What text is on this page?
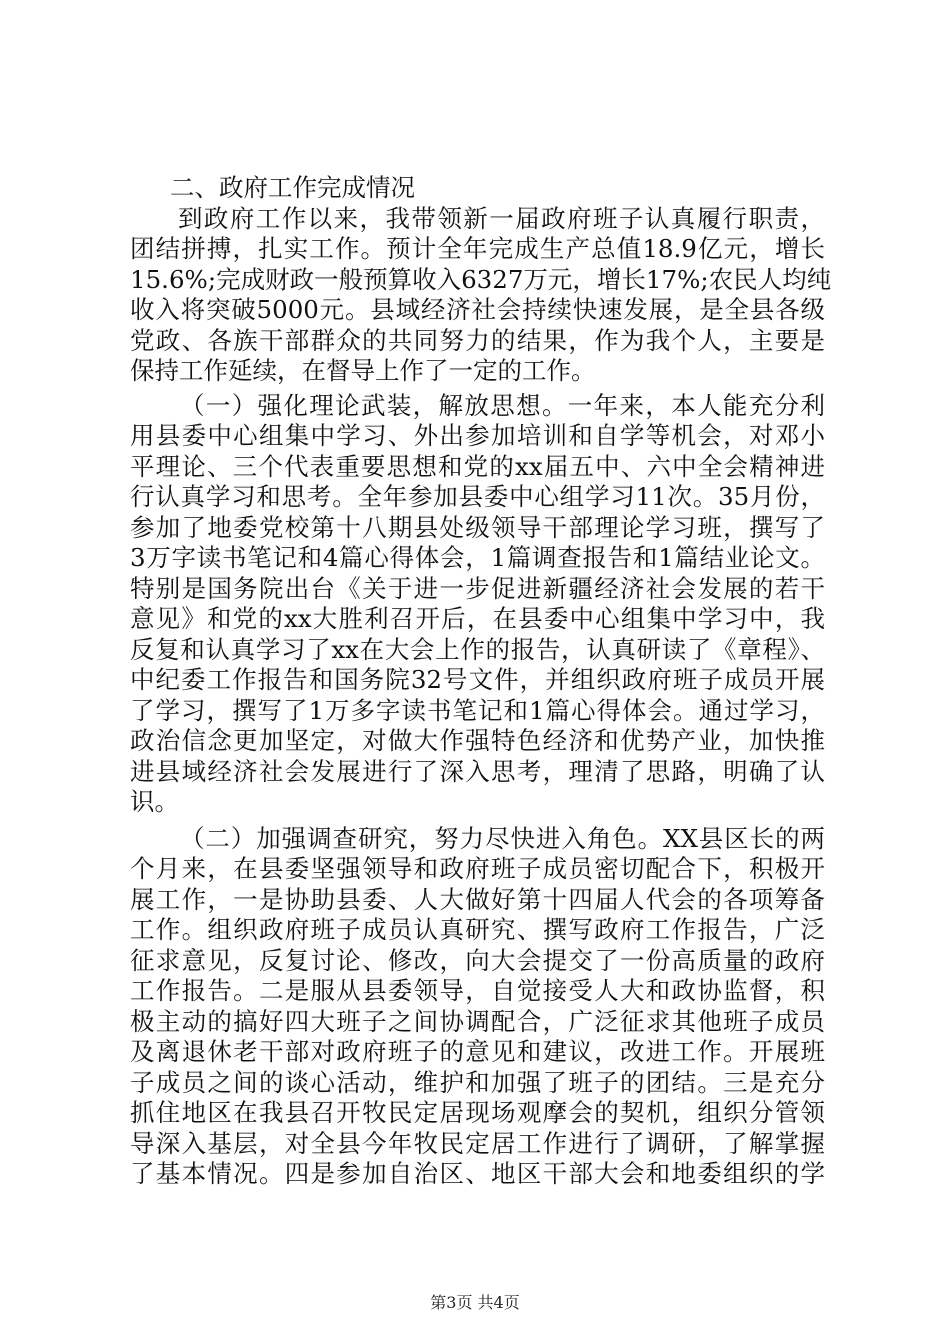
二、政府工作完成情况
到政府工作以来，我带领新一届政府班子认真履行职责，
团结拼搏，扎实工作。预计全年完成生产总值18.9亿元，增长
15.6%;完成财政一般预算收入6327万元，增长17%;农民人均纯
收入将突破5000元。县域经济社会持续快速发展，是全县各级
党政、各族干部群众的共同努力的结果，作为我个人，主要是
保持工作延续，在督导上作了一定的工作。
（一）强化理论武装，解放思想。一年来，本人能充分利
用县委中心组集中学习、外出参加培训和自学等机会，对邓小
平理论、三个代表重要思想和党的xx届五中、六中全会精神进
行认真学习和思考。全年参加县委中心组学习11次。35月份，
参加了地委党校第十八期县处级领导干部理论学习班，撰写了
3万字读书笔记和4篇心得体会，1篇调查报告和1篇结业论文。
特别是国务院出台《关于进一步促进新疆经济社会发展的若干
意见》和党的xx大胜利召开后，在县委中心组集中学习中，我
反复和认真学习了xx在大会上作的报告，认真研读了《章程》、
中纪委工作报告和国务院32号文件，并组织政府班子成员开展
了学习，撰写了1万多字读书笔记和1篇心得体会。通过学习，
政治信念更加坚定，对做大作强特色经济和优势产业，加快推
进县域经济社会发展进行了深入思考，理清了思路，明确了认
识。
（二）加强调查研究，努力尽快进入角色。XX县区长的两
个月来，在县委坚强领导和政府班子成员密切配合下，积极开
展工作，一是协助县委、人大做好第十四届人代会的各项筹备
工作。组织政府班子成员认真研究、撰写政府工作报告，广泛
征求意见，反复讨论、修改，向大会提交了一份高质量的政府
工作报告。二是服从县委领导，自觉接受人大和政协监督，积
极主动的搞好四大班子之间协调配合，广泛征求其他班子成员
及离退休老干部对政府班子的意见和建议，改进工作。开展班
子成员之间的谈心活动，维护和加强了班子的团结。三是充分
抓住地区在我县召开牧民定居现场观摩会的契机，组织分管领
导深入基层，对全县今年牧民定居工作进行了调研，了解掌握
了基本情况。四是参加自治区、地区干部大会和地委组织的学
第3页 共4页
